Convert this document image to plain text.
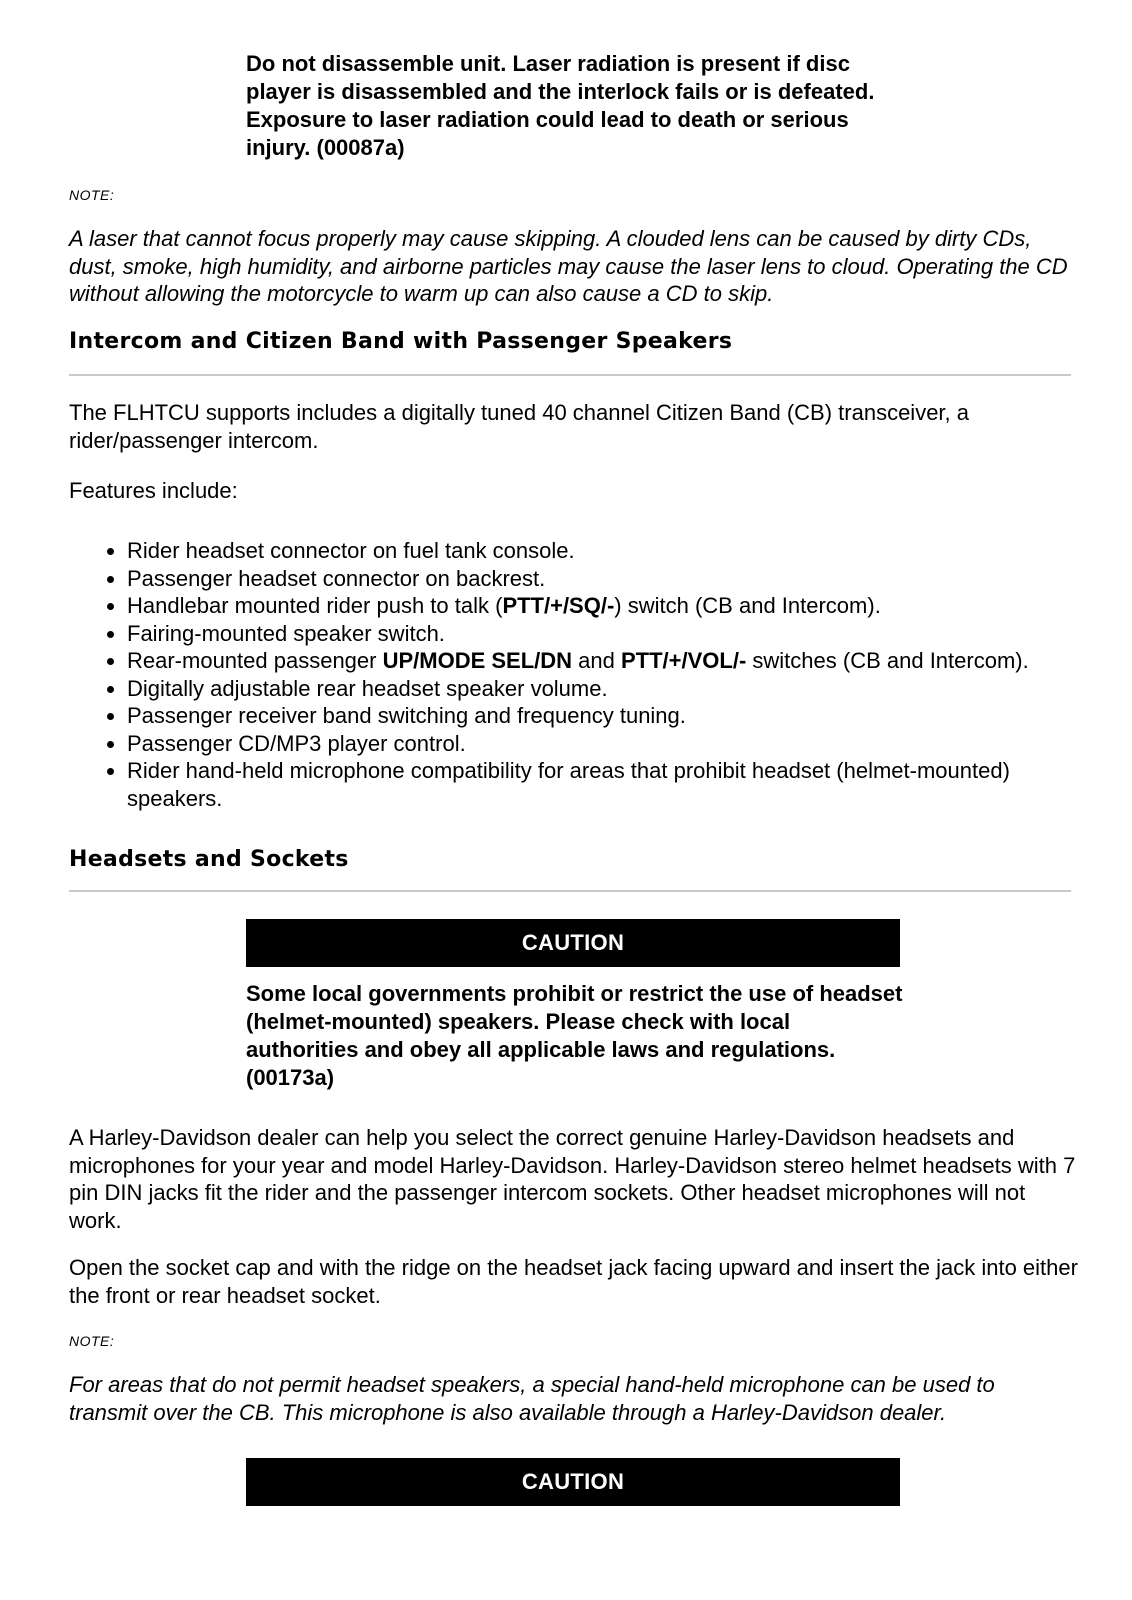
Do not disassemble unit. Laser radiation is present if disc player is disassembled and the interlock fails or is defeated. Exposure to laser radiation could lead to death or serious injury. (00087a)
NOTE:
A laser that cannot focus properly may cause skipping. A clouded lens can be caused by dirty CDs, dust, smoke, high humidity, and airborne particles may cause the laser lens to cloud. Operating the CD without allowing the motorcycle to warm up can also cause a CD to skip.
Intercom and Citizen Band with Passenger Speakers
The FLHTCU supports includes a digitally tuned 40 channel Citizen Band (CB) transceiver, a rider/passenger intercom.
Features include:
• Rider headset connector on fuel tank console.
• Passenger headset connector on backrest.
• Handlebar mounted rider push to talk (PTT/+/SQ/-) switch (CB and Intercom).
• Fairing-mounted speaker switch.
• Rear-mounted passenger UP/MODE SEL/DN and PTT/+/VOL/- switches (CB and Intercom).
• Digitally adjustable rear headset speaker volume.
• Passenger receiver band switching and frequency tuning.
• Passenger CD/MP3 player control.
• Rider hand-held microphone compatibility for areas that prohibit headset (helmet-mounted) speakers.
Headsets and Sockets
CAUTION
Some local governments prohibit or restrict the use of headset (helmet-mounted) speakers. Please check with local authorities and obey all applicable laws and regulations. (00173a)
A Harley-Davidson dealer can help you select the correct genuine Harley-Davidson headsets and microphones for your year and model Harley-Davidson. Harley-Davidson stereo helmet headsets with 7 pin DIN jacks fit the rider and the passenger intercom sockets. Other headset microphones will not work.
Open the socket cap and with the ridge on the headset jack facing upward and insert the jack into either the front or rear headset socket.
NOTE:
For areas that do not permit headset speakers, a special hand-held microphone can be used to transmit over the CB. This microphone is also available through a Harley-Davidson dealer.
CAUTION
